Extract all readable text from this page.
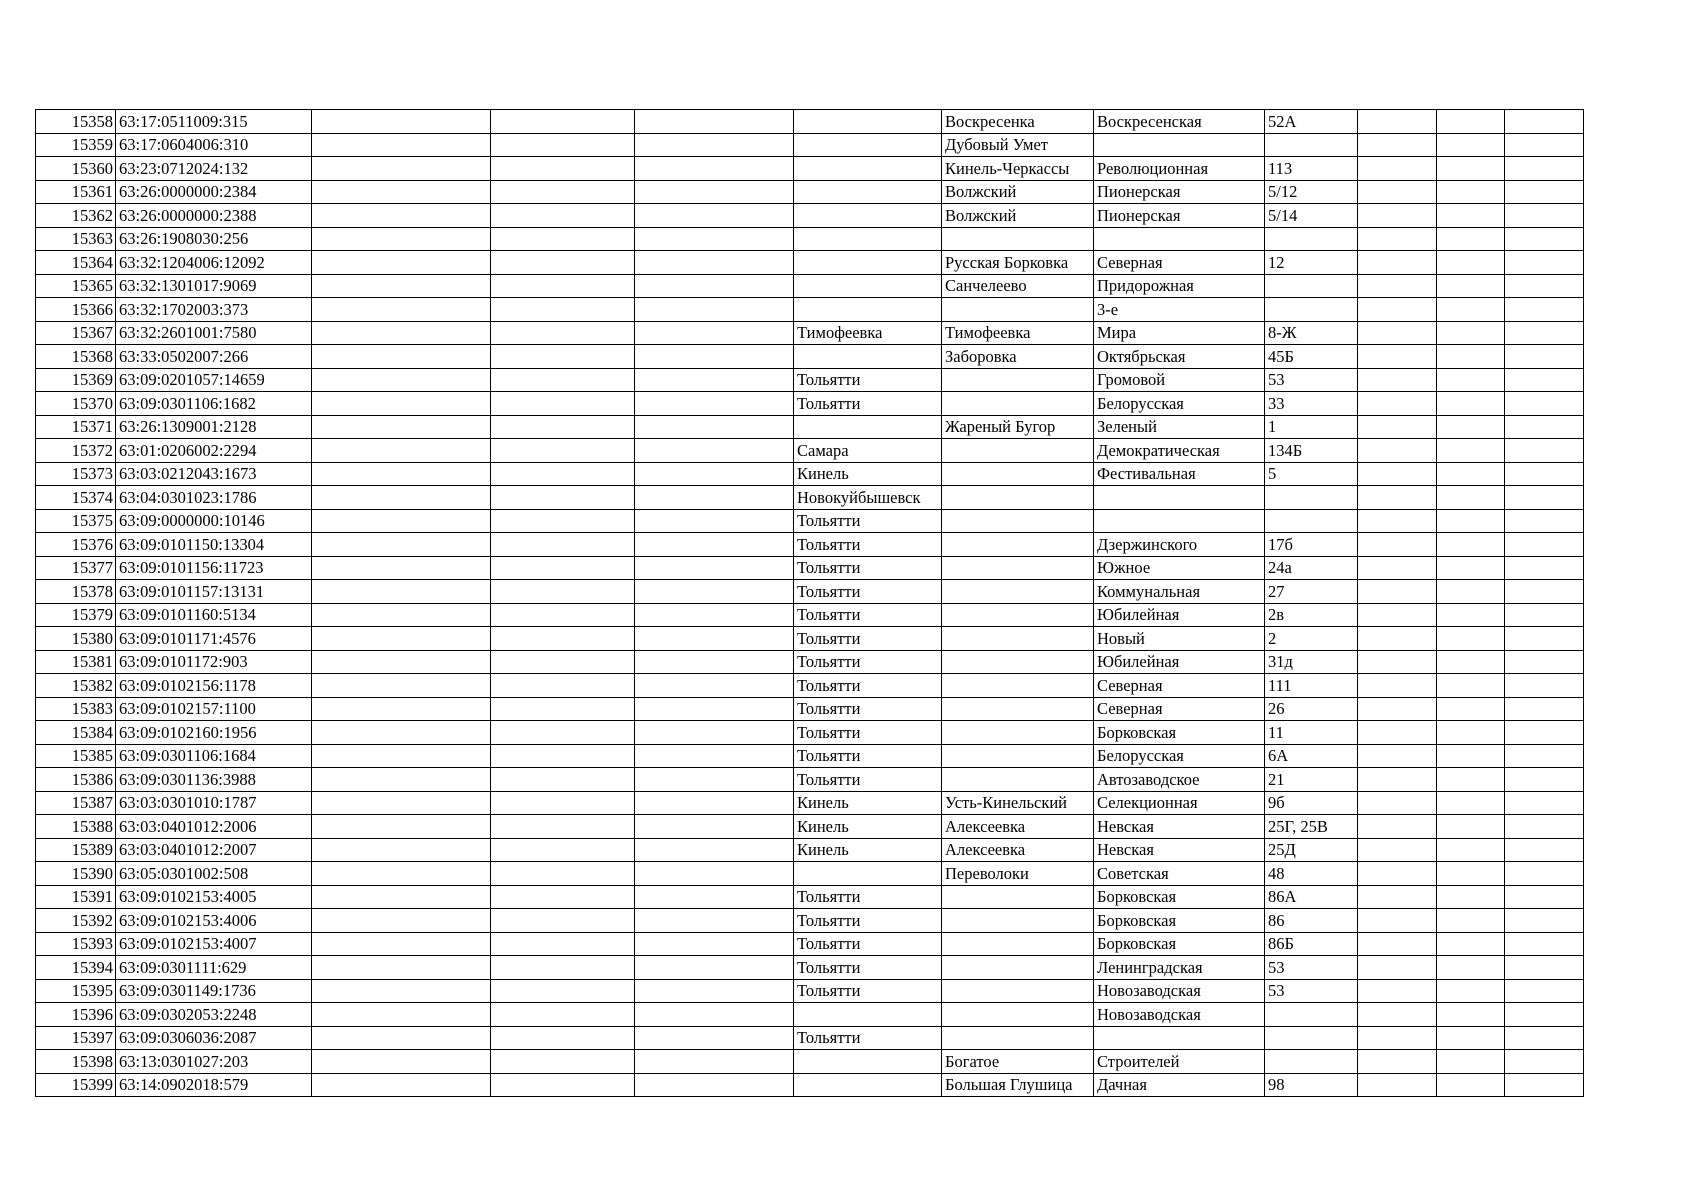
15358	63:17:0511009:315					Воскресенка	Воскресенская	52А			
15359	63:17:0604006:310					Дубовый Умет					
15360	63:23:0712024:132					Кинель-Черкассы	Революционная	113			
15361	63:26:0000000:2384					Волжский	Пионерская	5/12			
15362	63:26:0000000:2388					Волжский	Пионерская	5/14			
15363	63:26:1908030:256										
15364	63:32:1204006:12092					Русская Борковка	Северная	12			
15365	63:32:1301017:9069					Санчелеево	Придорожная				
15366	63:32:1702003:373						3-е				
15367	63:32:2601001:7580				Тимофеевка	Тимофеевка	Мира	8-Ж			
15368	63:33:0502007:266					Заборовка	Октябрьская	45Б			
15369	63:09:0201057:14659				Тольятти		Громовой	53			
15370	63:09:0301106:1682				Тольятти		Белорусская	33			
15371	63:26:1309001:2128					Жареный Бугор	Зеленый	1			
15372	63:01:0206002:2294				Самара		Демократическая	134Б			
15373	63:03:0212043:1673				Кинель		Фестивальная	5			
15374	63:04:0301023:1786				Новокуйбышевск						
15375	63:09:0000000:10146				Тольятти						
15376	63:09:0101150:13304				Тольятти		Дзержинского	17б			
15377	63:09:0101156:11723				Тольятти		Южное	24а			
15378	63:09:0101157:13131				Тольятти		Коммунальная	27			
15379	63:09:0101160:5134				Тольятти		Юбилейная	2в			
15380	63:09:0101171:4576				Тольятти		Новый	2			
15381	63:09:0101172:903				Тольятти		Юбилейная	31д			
15382	63:09:0102156:1178				Тольятти		Северная	111			
15383	63:09:0102157:1100				Тольятти		Северная	26			
15384	63:09:0102160:1956				Тольятти		Борковская	11			
15385	63:09:0301106:1684				Тольятти		Белорусская	6А			
15386	63:09:0301136:3988				Тольятти		Автозаводское	21			
15387	63:03:0301010:1787				Кинель	Усть-Кинельский	Селекционная	9б			
15388	63:03:0401012:2006				Кинель	Алексеевка	Невская	25Г, 25В			
15389	63:03:0401012:2007				Кинель	Алексеевка	Невская	25Д			
15390	63:05:0301002:508					Переволоки	Советская	48			
15391	63:09:0102153:4005				Тольятти		Борковская	86А			
15392	63:09:0102153:4006				Тольятти		Борковская	86			
15393	63:09:0102153:4007				Тольятти		Борковская	86Б			
15394	63:09:0301111:629				Тольятти		Ленинградская	53			
15395	63:09:0301149:1736				Тольятти		Новозаводская	53			
15396	63:09:0302053:2248						Новозаводская				
15397	63:09:0306036:2087				Тольятти						
15398	63:13:0301027:203					Богатое	Строителей				
15399	63:14:0902018:579					Большая Глушица	Дачная	98			
